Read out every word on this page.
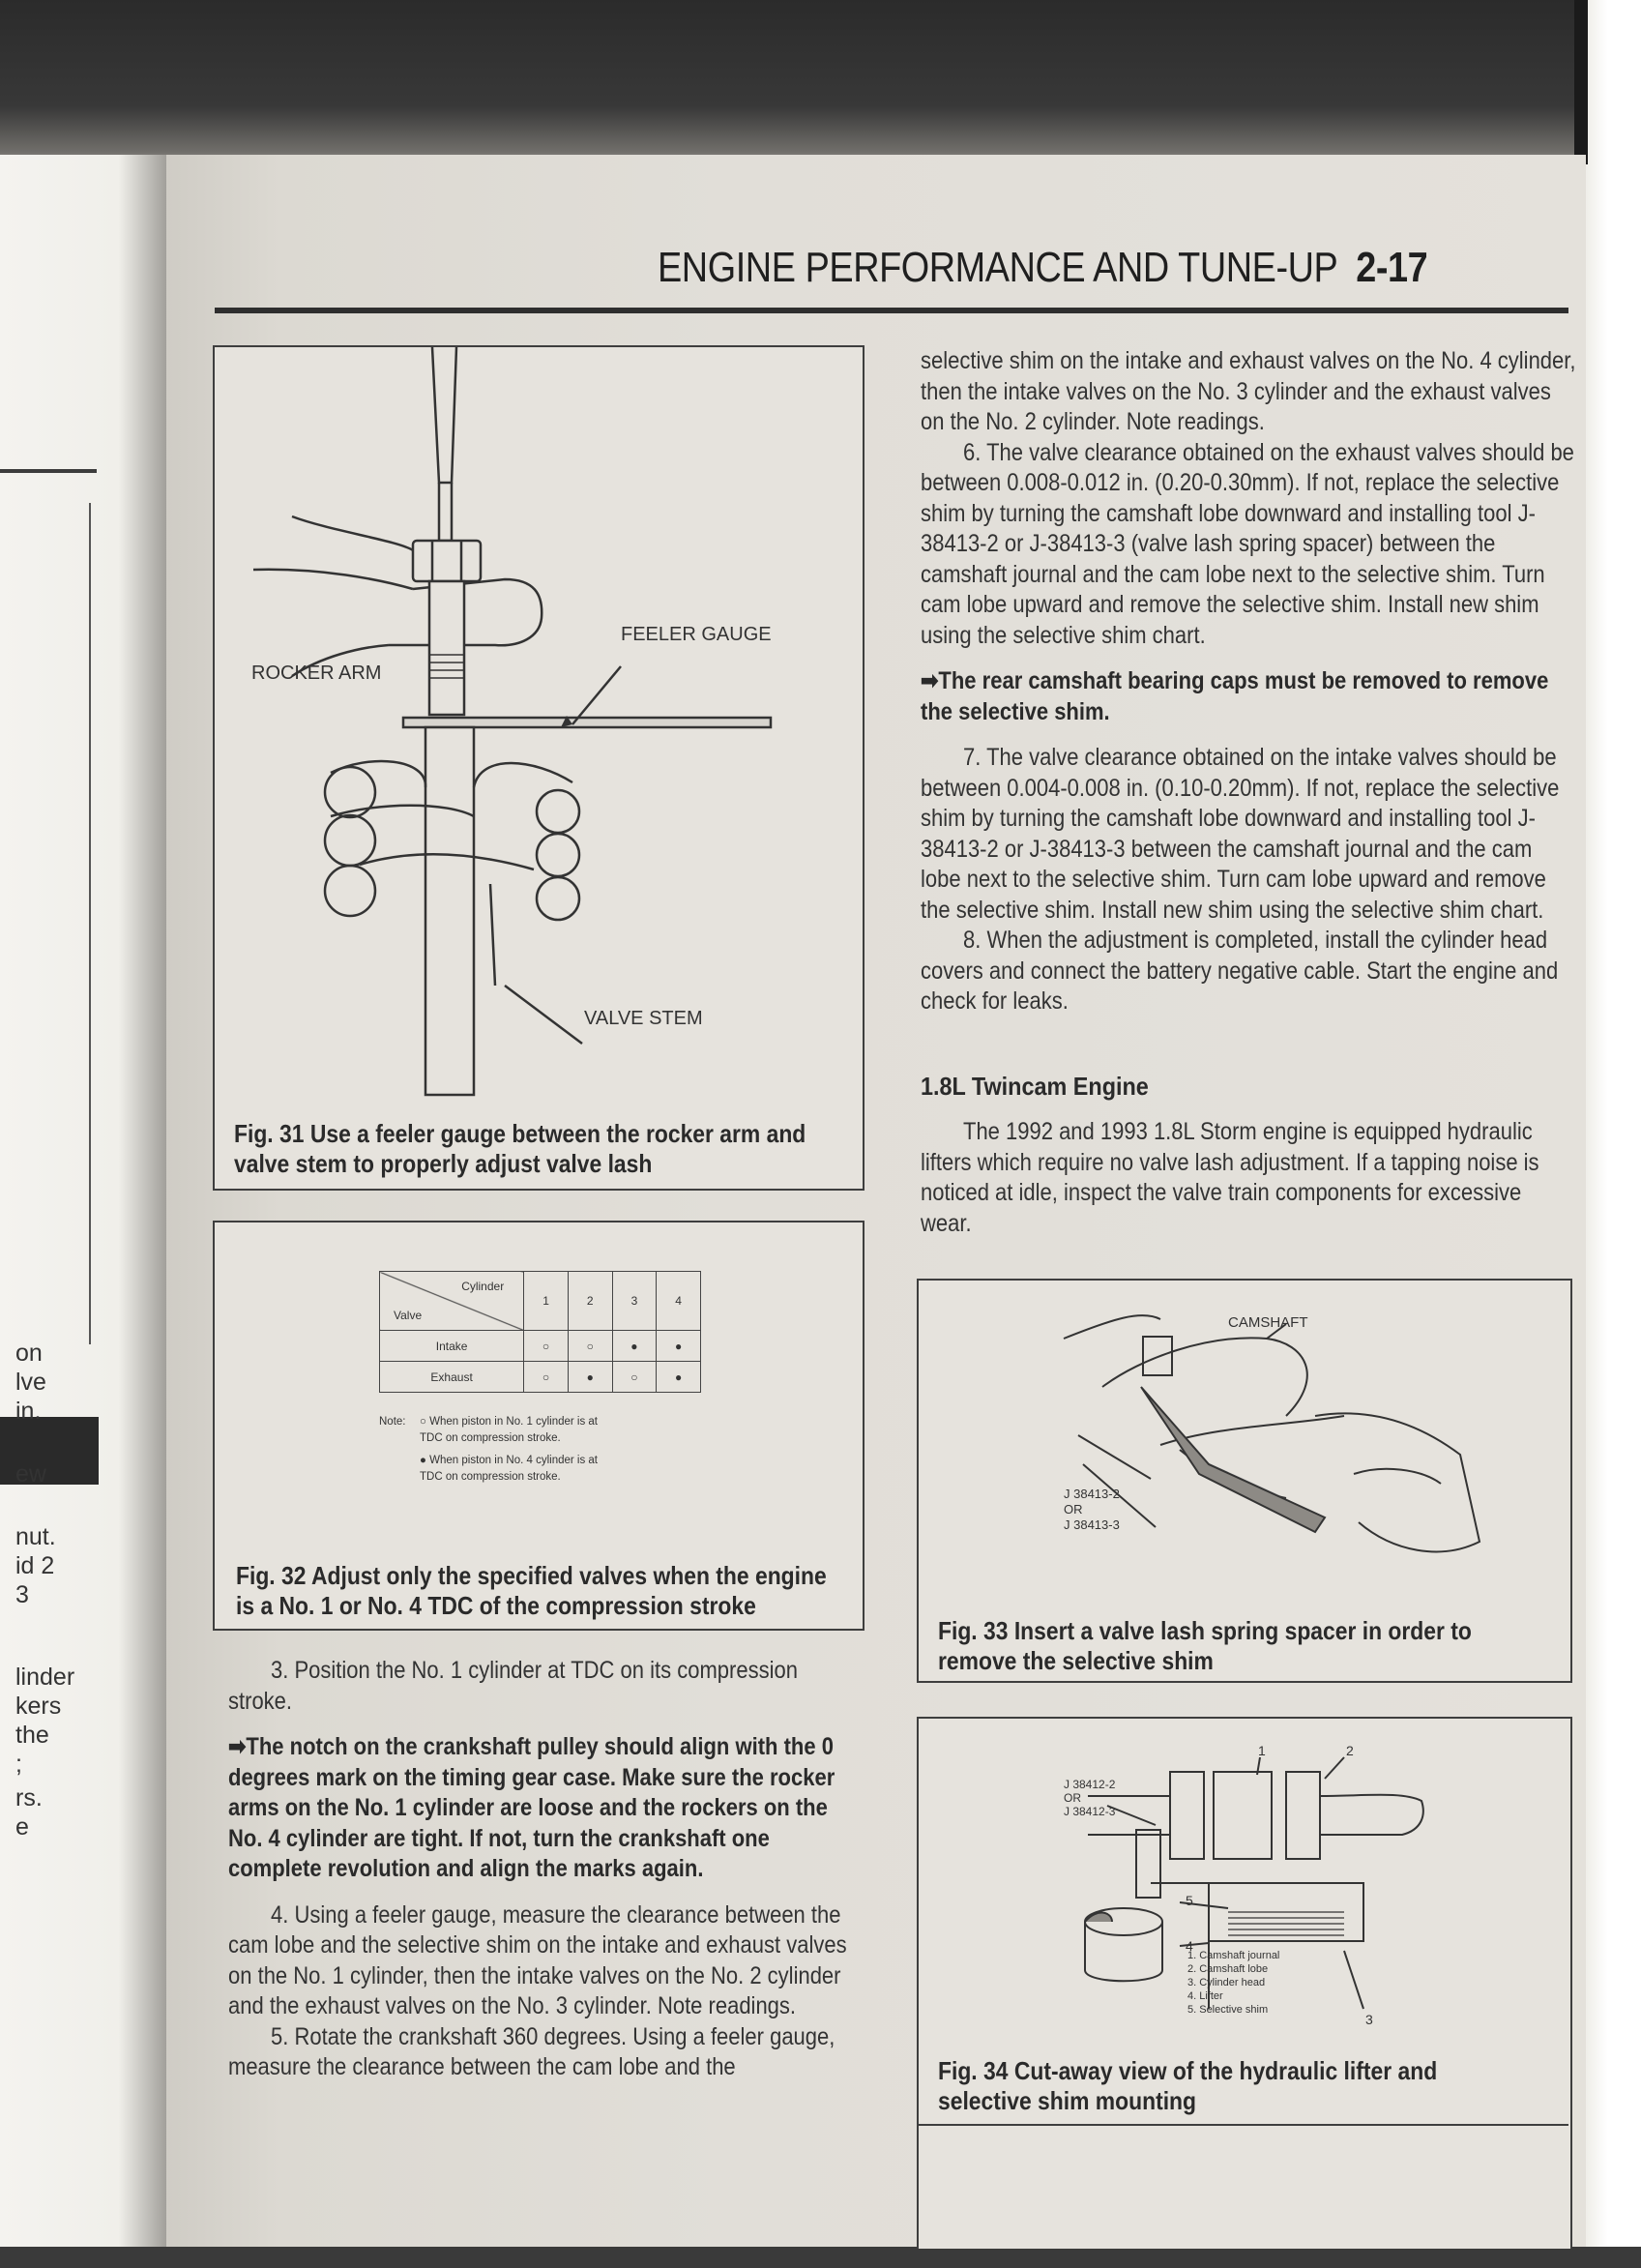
on
lve
in.
ew
nut.
id 2
3
linder
kers
the
;
rs.
e
ENGINE PERFORMANCE AND TUNE-UP 2-17
FEELER GAUGE
ROCKER ARM
VALVE STEM
Fig. 31 Use a feeler gauge between the rocker arm and valve stem to properly adjust valve lash
Cylinder
Valve	1	2	3	4
Intake	○	○	●	●
Exhaust	○	●	○	●
Note:	○ When piston in No. 1 cylinder is at TDC on compression stroke.
● When piston in No. 4 cylinder is at TDC on compression stroke.
Fig. 32 Adjust only the specified valves when the engine is a No. 1 or No. 4 TDC of the compression stroke

3. Position the No. 1 cylinder at TDC on its compression stroke.

➡The notch on the crankshaft pulley should align with the 0 degrees mark on the timing gear case. Make sure the rocker arms on the No. 1 cylinder are loose and the rockers on the No. 4 cylinder are tight. If not, turn the crankshaft one complete revolution and align the marks again.

4. Using a feeler gauge, measure the clearance between the cam lobe and the selective shim on the intake and exhaust valves on the No. 1 cylinder, then the intake valves on the No. 2 cylinder and the exhaust valves on the No. 3 cylinder. Note readings.

5. Rotate the crankshaft 360 degrees. Using a feeler gauge, measure the clearance between the cam lobe and the

selective shim on the intake and exhaust valves on the No. 4 cylinder, then the intake valves on the No. 3 cylinder and the exhaust valves on the No. 2 cylinder. Note readings.

6. The valve clearance obtained on the exhaust valves should be between 0.008-0.012 in. (0.20-0.30mm). If not, replace the selective shim by turning the camshaft lobe downward and installing tool J-38413-2 or J-38413-3 (valve lash spring spacer) between the camshaft journal and the cam lobe next to the selective shim. Turn cam lobe upward and remove the selective shim. Install new shim using the selective shim chart.

➡The rear camshaft bearing caps must be removed to remove the selective shim.

7. The valve clearance obtained on the intake valves should be between 0.004-0.008 in. (0.10-0.20mm). If not, replace the selective shim by turning the camshaft lobe downward and installing tool J-38413-2 or J-38413-3 between the camshaft journal and the cam lobe next to the selective shim. Turn cam lobe upward and remove the selective shim. Install new shim using the selective shim chart.

8. When the adjustment is completed, install the cylinder head covers and connect the battery negative cable. Start the engine and check for leaks.

1.8L Twincam Engine

The 1992 and 1993 1.8L Storm engine is equipped hydraulic lifters which require no valve lash adjustment. If a tapping noise is noticed at idle, inspect the valve train components for excessive wear.

CAMSHAFT
J 38413-2
OR
J 38413-3
Fig. 33 Insert a valve lash spring spacer in order to remove the selective shim
J 38412-2
OR
J 38412-3
1	2
3
4
5
1. Camshaft journal
2. Camshaft lobe
3. Cylinder head
4. Lifter
5. Selective shim
Fig. 34 Cut-away view of the hydraulic lifter and selective shim mounting
